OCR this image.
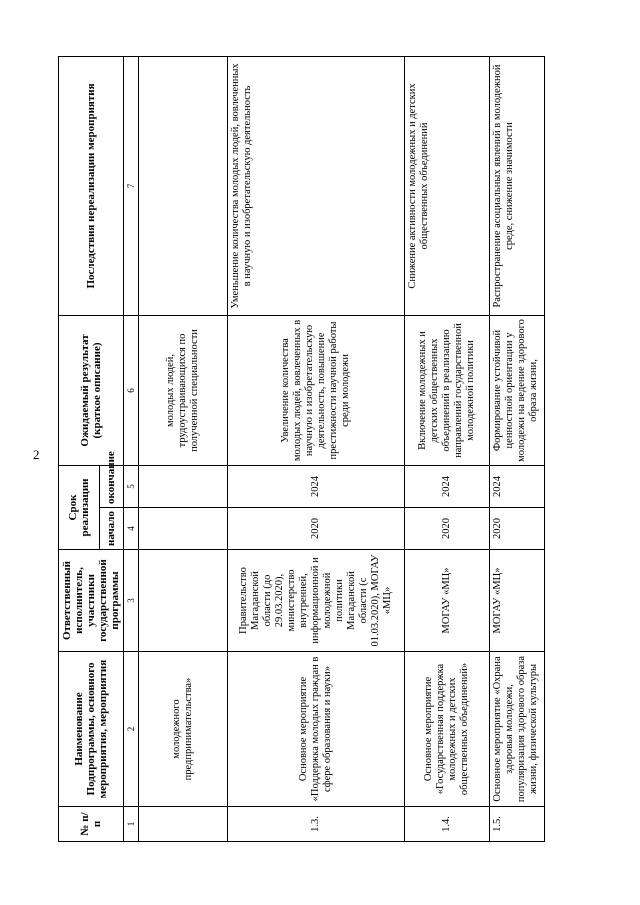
2
№ п/п	Наименование Подпрограммы, основного мероприятия, мероприятия	Ответственный исполнитель, участники государственной программы	Срок реализации		Ожидаемый результат (краткое описание)	Последствия нереализации мероприятия
			начало	окончание		
1	2	3	4	5	6	7
	молодежного предпринимательства»				молодых людей, трудоустраивающихся по полученной специальности	
1.3.	Основное мероприятие «Поддержка молодых граждан в сфере образования и науки»	Правительство Магаданской области (до 29.03.2020), министерство внутренней, информационной и молодежной политики Магаданской области (с 01.03.2020), МОГАУ «МЦ»	2020	2024	Увеличение количества молодых людей, вовлеченных в научную и изобретательскую деятельность, повышение престижности научной работы среди молодежи	Уменьшение количества молодых людей, вовлеченных в научную и изобретательскую деятельность
1.4.	Основное мероприятие «Государственная поддержка молодежных и детских общественных объединений»	МОГАУ «МЦ»	2020	2024	Включение молодежных и детских общественных объединений в реализацию направлений государственной молодежной политики	Снижение активности молодежных и детских общественных объединений
1.5.	Основное мероприятие «Охрана здоровья молодежи, популяризация здорового образа жизни, физической культуры	МОГАУ «МЦ»	2020	2024	Формирование устойчивой ценностной ориентации у молодежи на ведение здорового образа жизни,	Распространение асоциальных явлений в молодежной среде, снижение значимости
